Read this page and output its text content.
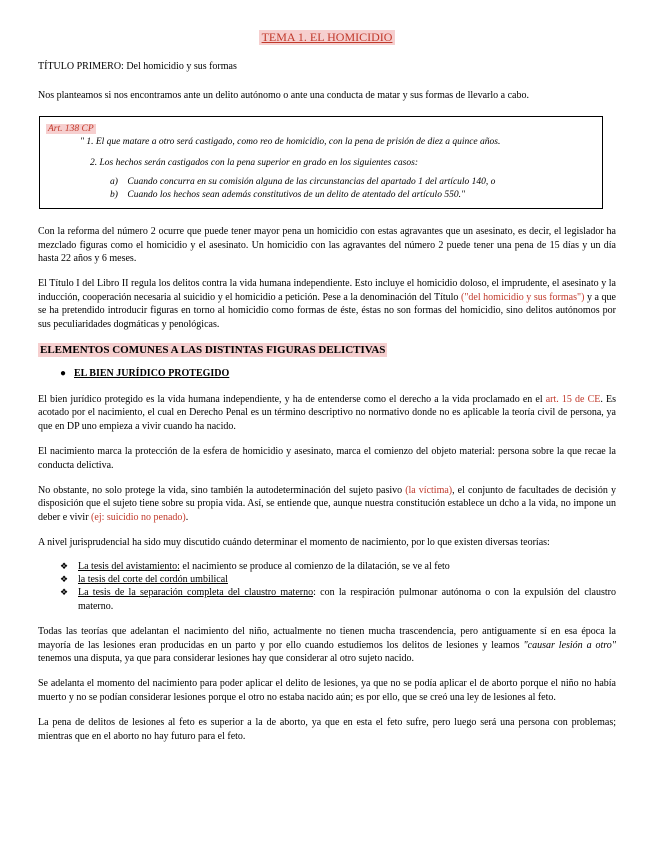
TEMA 1. EL HOMICIDIO

TÍTULO PRIMERO: Del homicidio y sus formas

Nos planteamos si nos encontramos ante un delito autónomo o ante una conducta de matar y sus formas de llevarlo a cabo.

Art. 138 CP
" 1. El que matare a otro será castigado, como reo de homicidio, con la pena de prisión de diez a quince años.
2. Los hechos serán castigados con la pena superior en grado en los siguientes casos:
a) Cuando concurra en su comisión alguna de las circunstancias del apartado 1 del artículo 140, o
b) Cuando los hechos sean además constitutivos de un delito de atentado del artículo 550."

Con la reforma del número 2 ocurre que puede tener mayor pena un homicidio con estas agravantes que un asesinato, es decir, el legislador ha mezclado figuras como el homicidio y el asesinato. Un homicidio con las agravantes del número 2 puede tener una pena de 15 días y un día hasta 22 años y 6 meses.

El Título I del Libro II regula los delitos contra la vida humana independiente. Esto incluye el homicidio doloso, el imprudente, el asesinato y la inducción, cooperación necesaria al suicidio y el homicidio a petición. Pese a la denominación del Título ("del homicidio y sus formas") y a que se ha pretendido introducir figuras en torno al homicidio como formas de éste, éstas no son formas del homicidio, sino delitos autónomos por sus peculiaridades dogmáticas y penológicas.

ELEMENTOS COMUNES A LAS DISTINTAS FIGURAS DELICTIVAS
● EL BIEN JURÍDICO PROTEGIDO

El bien jurídico protegido es la vida humana independiente, y ha de entenderse como el derecho a la vida proclamado en el art. 15 de CE. Es acotado por el nacimiento, el cual en Derecho Penal es un término descriptivo no normativo donde no es aplicable la teoría civil de persona, ya que en DP uno empieza a vivir cuando ha nacido.

El nacimiento marca la protección de la esfera de homicidio y asesinato, marca el comienzo del objeto material: persona sobre la que recae la conducta delictiva.

No obstante, no solo protege la vida, sino también la autodeterminación del sujeto pasivo (la víctima), el conjunto de facultades de decisión y disposición que el sujeto tiene sobre su propia vida. Así, se entiende que, aunque nuestra constitución establece un dcho a la vida, no impone un deber e vivir (ej: suicidio no penado).

A nivel jurisprudencial ha sido muy discutido cuándo determinar el momento de nacimiento, por lo que existen diversas teorías:

❖ La tesis del avistamiento: el nacimiento se produce al comienzo de la dilatación, se ve al feto
❖ la tesis del corte del cordón umbilical
❖ La tesis de la separación completa del claustro materno: con la respiración pulmonar autónoma o con la expulsión del claustro materno.

Todas las teorías que adelantan el nacimiento del niño, actualmente no tienen mucha trascendencia, pero antiguamente sí en esa época la mayoría de las lesiones eran producidas en un parto y por ello cuando estudiemos los delitos de lesiones y leamos "causar lesión a otro" tenemos una disputa, ya que para considerar lesiones hay que considerar al otro sujeto nacido.

Se adelanta el momento del nacimiento para poder aplicar el delito de lesiones, ya que no se podía aplicar el de aborto porque el niño no había muerto y no se podían considerar lesiones porque el otro no estaba nacido aún; es por ello, que se creó una ley de lesiones al feto.

La pena de delitos de lesiones al feto es superior a la de aborto, ya que en esta el feto sufre, pero luego será una persona con problemas; mientras que en el aborto no hay futuro para el feto.
